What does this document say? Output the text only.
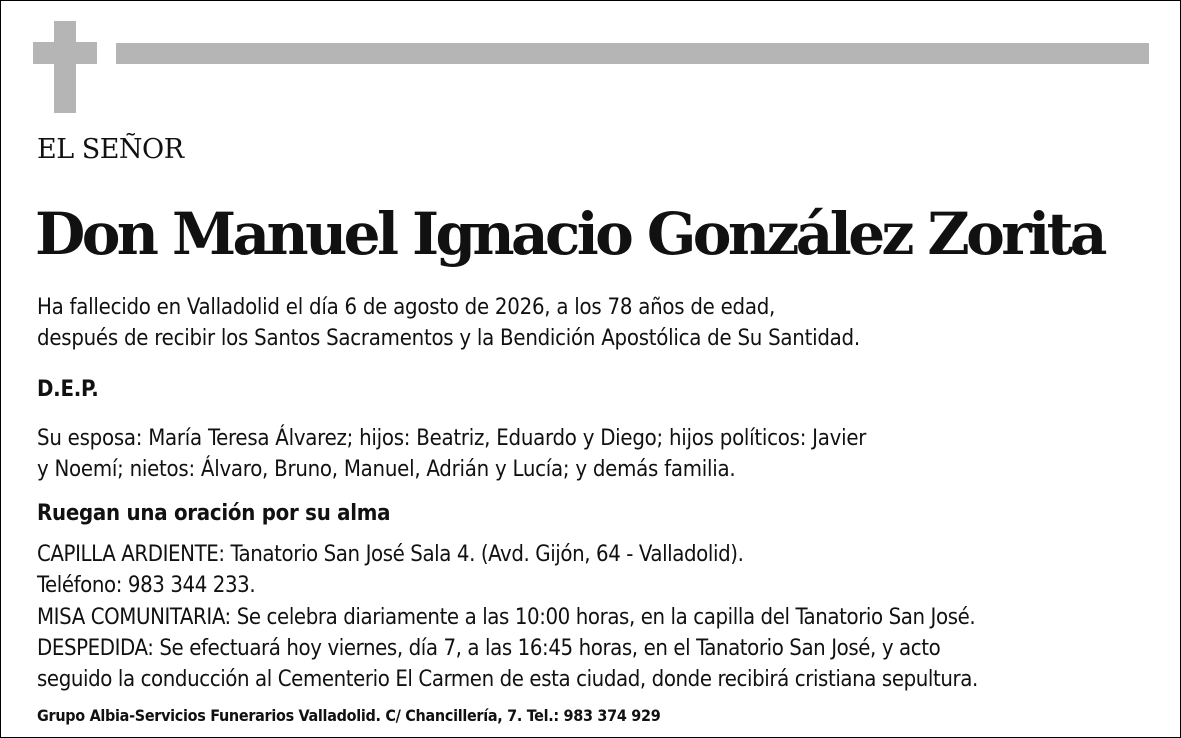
EL SEÑOR
Don Manuel Ignacio González Zorita
Ha fallecido en Valladolid el día 6 de agosto de 2026, a los 78 años de edad,
después de recibir los Santos Sacramentos y la Bendición Apostólica de Su Santidad.
D.E.P.
Su esposa: María Teresa Álvarez; hijos: Beatriz, Eduardo y Diego; hijos políticos: Javier
y Noemí; nietos: Álvaro, Bruno, Manuel, Adrián y Lucía; y demás familia.
Ruegan una oración por su alma
CAPILLA ARDIENTE: Tanatorio San José Sala 4. (Avd. Gijón, 64 - Valladolid).
Teléfono: 983 344 233.
MISA COMUNITARIA: Se celebra diariamente a las 10:00 horas, en la capilla del Tanatorio San José.
DESPEDIDA: Se efectuará hoy viernes, día 7, a las 16:45 horas, en el Tanatorio San José, y acto
seguido la conducción al Cementerio El Carmen de esta ciudad, donde recibirá cristiana sepultura.
Grupo Albia-Servicios Funerarios Valladolid. C/ Chancillería, 7. Tel.: 983 374 929
